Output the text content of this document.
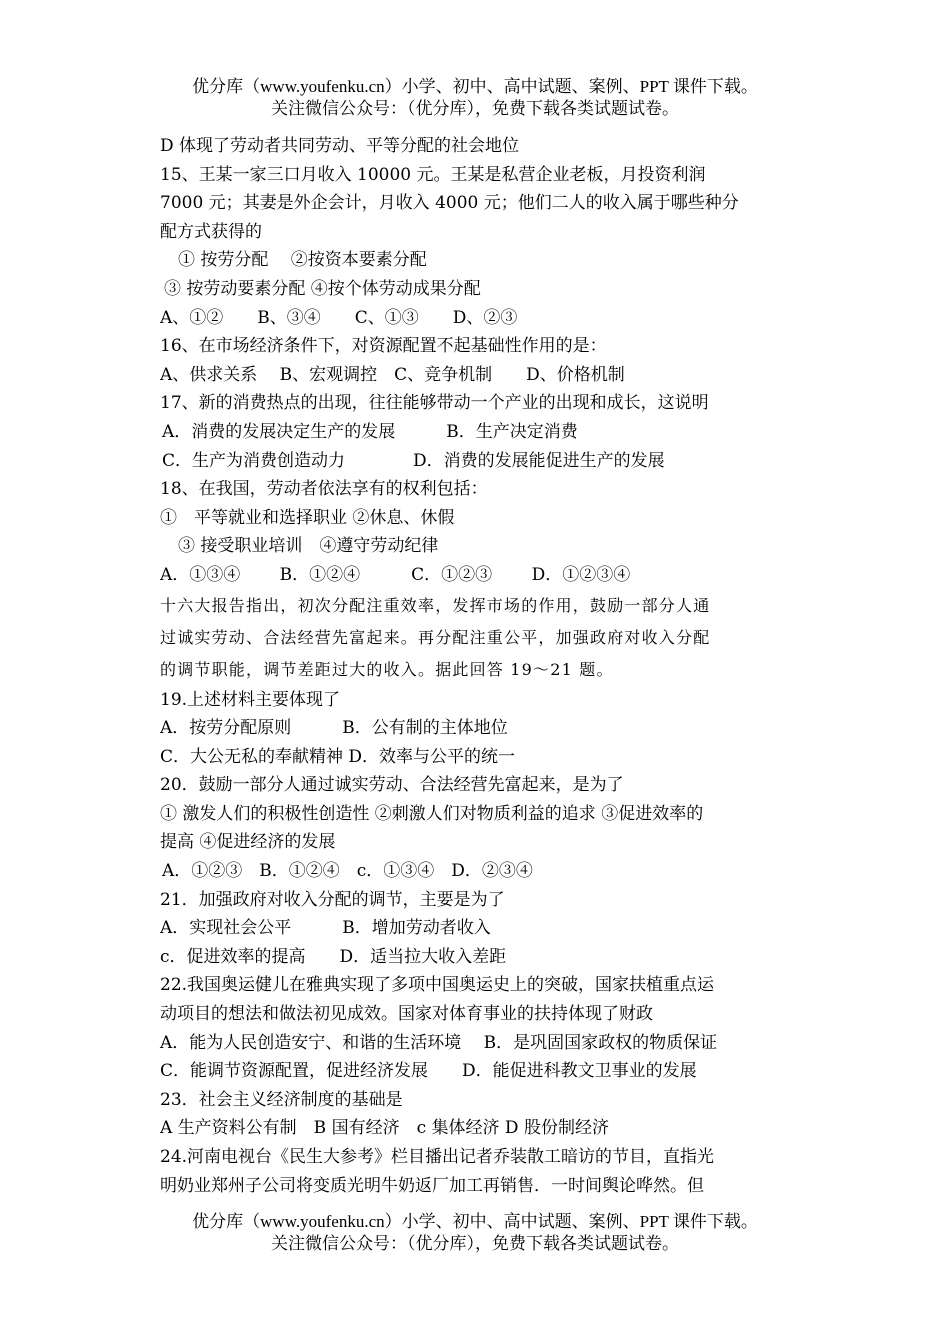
优分库（www.youfenku.cn）小学、初中、高中试题、案例、PPT 课件下载。
关注微信公众号：（优分库），免费下载各类试题试卷。
D 体现了劳动者共同劳动、平等分配的社会地位
15、王某一家三口月收入 10000 元。王某是私营企业老板，月投资利润
7000 元；其妻是外企会计，月收入 4000 元；他们二人的收入属于哪些种分
配方式获得的
① 按劳分配　 ②按资本要素分配
③ 按劳动要素分配 ④按个体劳动成果分配
A、①②　　B、③④　　C、①③　　D、②③
16、在市场经济条件下，对资源配置不起基础性作用的是：
A、供求关系　 B、宏观调控　C、竞争机制　　D、价格机制
17、新的消费热点的出现，往往能够带动一个产业的出现和成长，这说明
A．消费的发展决定生产的发展　　　B．生产决定消费
C．生产为消费创造动力　　　　D．消费的发展能促进生产的发展
18、在我国，劳动者依法享有的权利包括：
①　平等就业和选择职业 ②休息、休假
③ 接受职业培训　④遵守劳动纪律
A．①③④　　 B．①②④　　　C．①②③　　 D．①②③④
十六大报告指出，初次分配注重效率，发挥市场的作用，鼓励一部分人通
过诚实劳动、合法经营先富起来。再分配注重公平，加强政府对收入分配
的调节职能，调节差距过大的收入。据此回答 19～21 题。
19.上述材料主要体现了
A．按劳分配原则　　　B．公有制的主体地位
C．大公无私的奉献精神 D．效率与公平的统一
20．鼓励一部分人通过诚实劳动、合法经营先富起来，是为了
① 激发人们的积极性创造性 ②刺激人们对物质利益的追求 ③促进效率的
提高 ④促进经济的发展
A．①②③　B．①②④　c．①③④　D．②③④
21．加强政府对收入分配的调节，主要是为了
A．实现社会公平　　　B．增加劳动者收入
c．促进效率的提高　　D．适当拉大收入差距
22.我国奥运健儿在雅典实现了多项中国奥运史上的突破，国家扶植重点运
动项目的想法和做法初见成效。国家对体育事业的扶持体现了财政
A．能为人民创造安宁、和谐的生活环境　 B．是巩固国家政权的物质保证
C．能调节资源配置，促进经济发展　　D．能促进科教文卫事业的发展
23．社会主义经济制度的基础是
A 生产资料公有制　B 国有经济　c 集体经济 D 股份制经济
24.河南电视台《民生大参考》栏目播出记者乔装散工暗访的节目，直指光
明奶业郑州子公司将变质光明牛奶返厂加工再销售．一时间舆论哗然。但
优分库（www.youfenku.cn）小学、初中、高中试题、案例、PPT 课件下载。
关注微信公众号：（优分库），免费下载各类试题试卷。
